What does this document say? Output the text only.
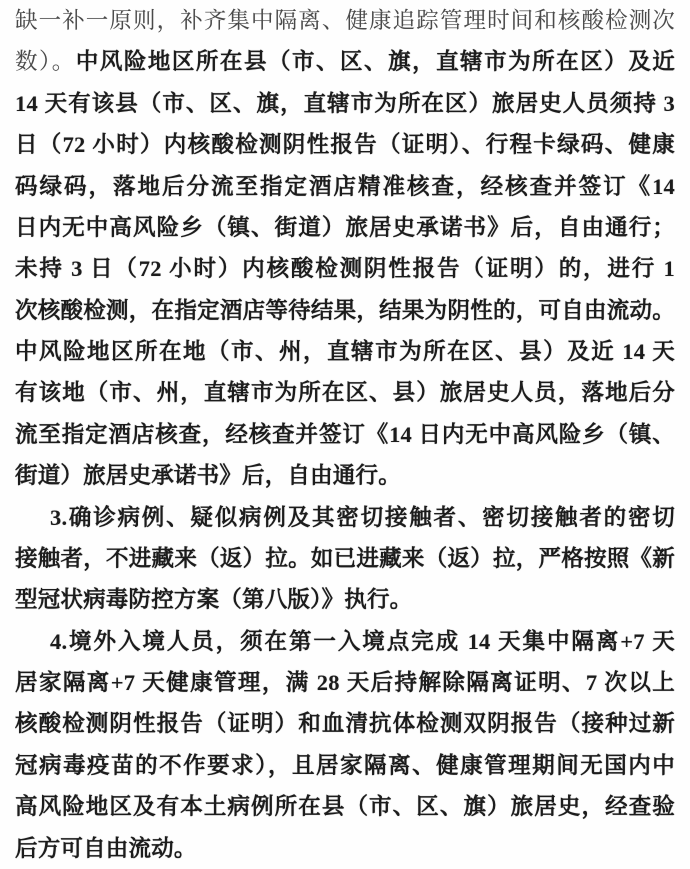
缺一补一原则，补齐集中隔离、健康追踪管理时间和核酸检测次
数）。中风险地区所在县（市、区、旗，直辖市为所在区）及近
14 天有该县（市、区、旗，直辖市为所在区）旅居史人员须持 3
日（72 小时）内核酸检测阴性报告（证明）、行程卡绿码、健康
码绿码，落地后分流至指定酒店精准核查，经核查并签订《14
日内无中高风险乡（镇、街道）旅居史承诺书》后，自由通行；
未持 3 日（72 小时）内核酸检测阴性报告（证明）的，进行 1
次核酸检测，在指定酒店等待结果，结果为阴性的，可自由流动。
中风险地区所在地（市、州，直辖市为所在区、县）及近 14 天
有该地（市、州，直辖市为所在区、县）旅居史人员，落地后分
流至指定酒店核查，经核查并签订《14 日内无中高风险乡（镇、
街道）旅居史承诺书》后，自由通行。
3.确诊病例、疑似病例及其密切接触者、密切接触者的密切
接触者，不进藏来（返）拉。如已进藏来（返）拉，严格按照《新
型冠状病毒防控方案（第八版）》执行。
4.境外入境人员，须在第一入境点完成 14 天集中隔离+7 天
居家隔离+7 天健康管理，满 28 天后持解除隔离证明、7 次以上
核酸检测阴性报告（证明）和血清抗体检测双阴报告（接种过新
冠病毒疫苗的不作要求），且居家隔离、健康管理期间无国内中
高风险地区及有本土病例所在县（市、区、旗）旅居史，经查验
后方可自由流动。
